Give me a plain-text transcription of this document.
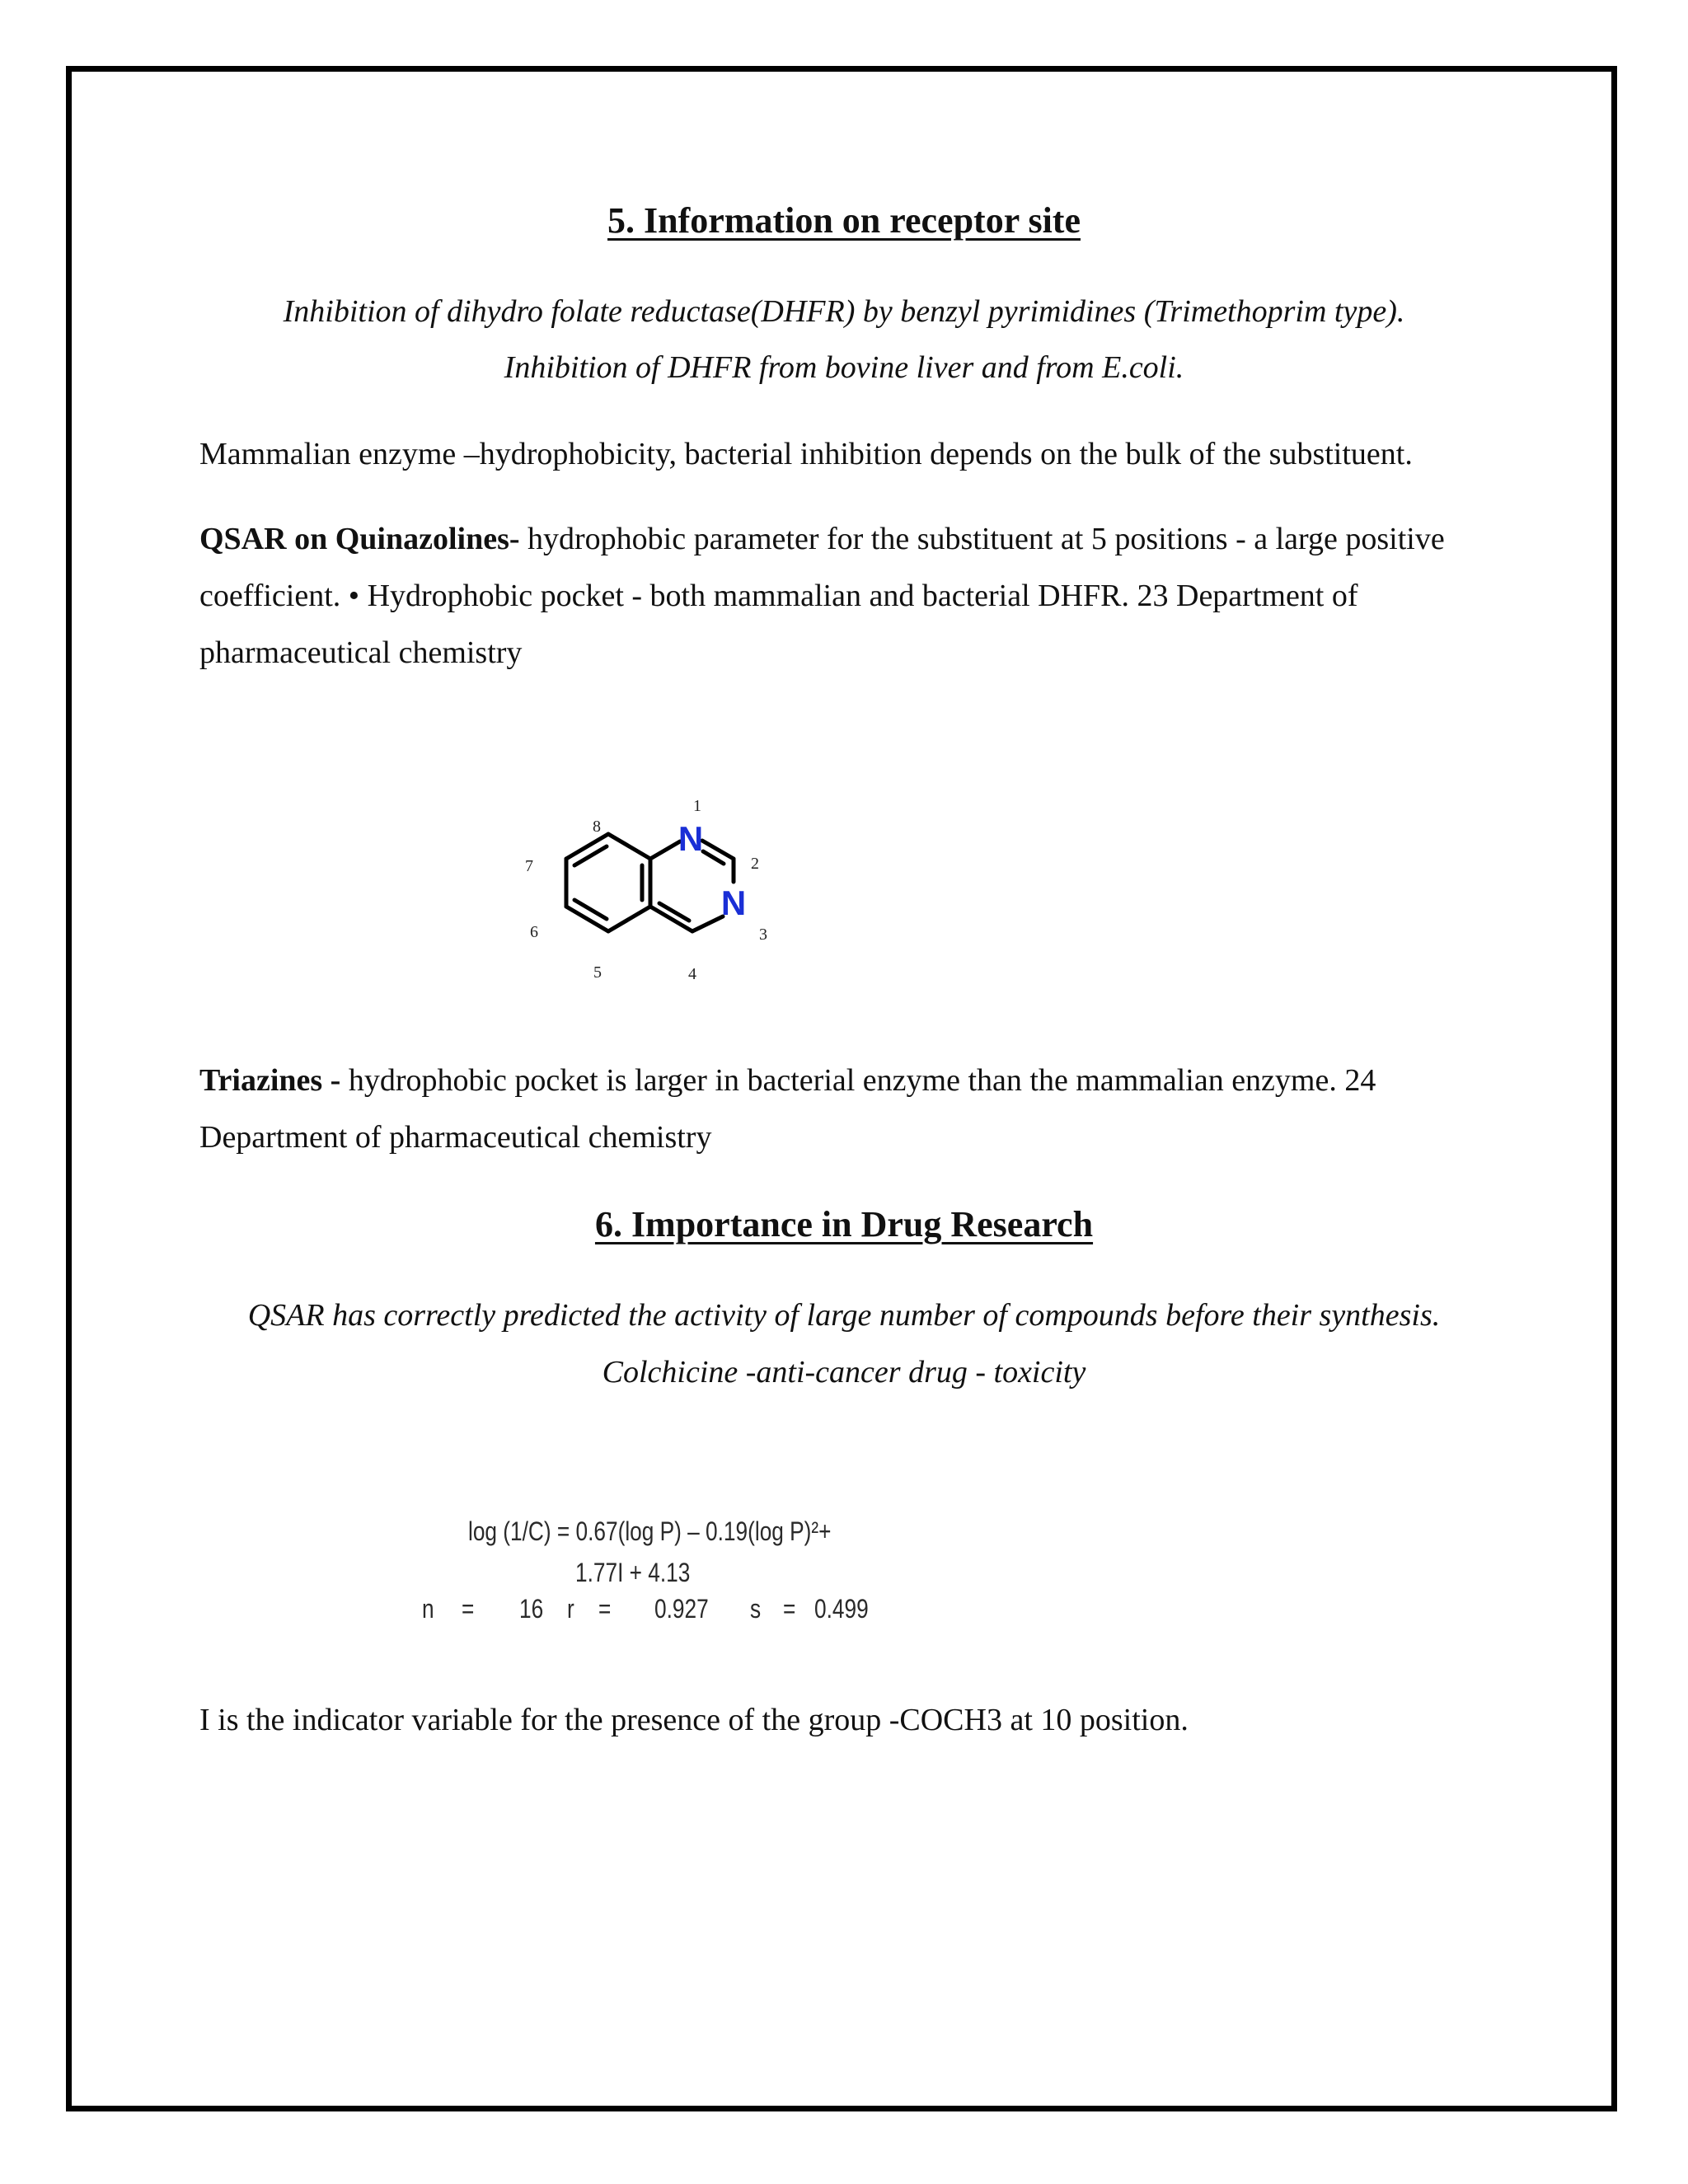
5. Information on receptor site
Inhibition of dihydro folate reductase(DHFR) by benzyl pyrimidines (Trimethoprim type).
Inhibition of DHFR from bovine liver and from E.coli.
Mammalian enzyme –hydrophobicity, bacterial inhibition depends on the bulk of the substituent.
QSAR on Quinazolines- hydrophobic parameter for the substituent at 5 positions - a large positive coefficient. • Hydrophobic pocket - both mammalian and bacterial DHFR. 23 Department of pharmaceutical chemistry
N
N
1
2
3
4
5
6
7
8
Triazines - hydrophobic pocket is larger in bacterial enzyme than the mammalian enzyme. 24 Department of pharmaceutical chemistry
6. Importance in Drug Research
QSAR has correctly predicted the activity of large number of compounds before their synthesis.
Colchicine -anti-cancer drug - toxicity
log (1/C) = 0.67(log P) – 0.19(log P)²+
1.77I + 4.13
n = 16 r = 0.927 s = 0.499
I is the indicator variable for the presence of the group -COCH3 at 10 position.
